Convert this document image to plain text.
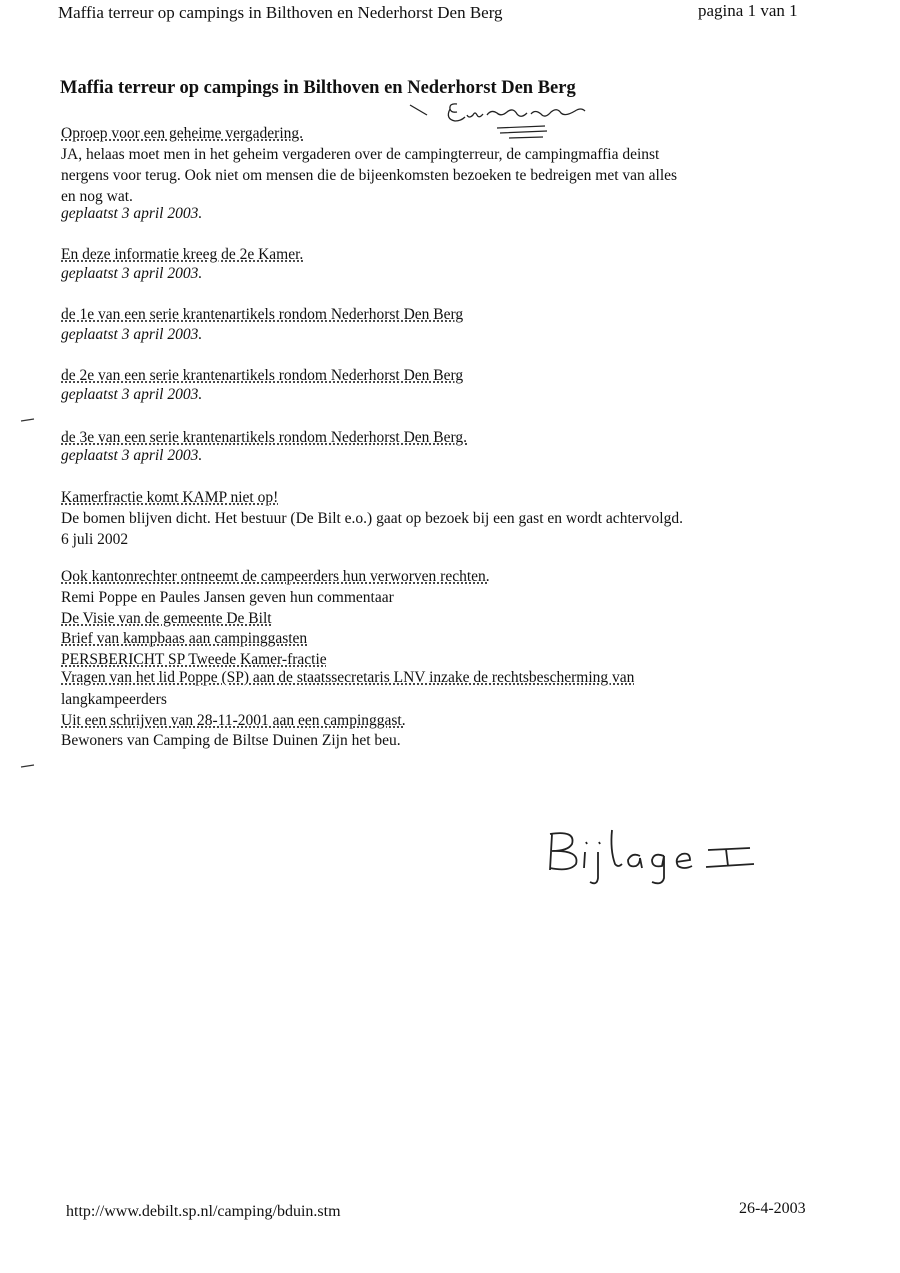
Maffia terreur op campings in Bilthoven en Nederhorst Den Berg	pagina 1 van 1
Maffia terreur op campings in Bilthoven en Nederhorst Den Berg
Oproep voor een geheime vergadering.
JA, helaas moet men in het geheim vergaderen over de campingterreur, de campingmaffia deinst
nergens voor terug. Ook niet om mensen die de bijeenkomsten bezoeken te bedreigen met van alles
en nog wat.
geplaatst 3 april 2003.
En deze informatie kreeg de 2e Kamer.
geplaatst 3 april 2003.
de 1e van een serie krantenartikels rondom Nederhorst Den Berg
geplaatst 3 april 2003.
de 2e van een serie krantenartikels rondom Nederhorst Den Berg
geplaatst 3 april 2003.
de 3e van een serie krantenartikels rondom Nederhorst Den Berg.
geplaatst 3 april 2003.
Kamerfractie komt KAMP niet op!
De bomen blijven dicht. Het bestuur (De Bilt e.o.) gaat op bezoek bij een gast en wordt achtervolgd.
6 juli 2002
Ook kantonrechter ontneemt de campeerders hun verworven rechten.
Remi Poppe en Paules Jansen geven hun commentaar
De Visie van de gemeente De Bilt
Brief van kampbaas aan campinggasten
PERSBERICHT SP Tweede Kamer-fractie
Vragen van het lid Poppe (SP) aan de staatssecretaris LNV inzake de rechtsbescherming van
langkampeerders
Uit een schrijven van 28-11-2001 aan een campinggast.
Bewoners van Camping de Biltse Duinen Zijn het beu.
http://www.debilt.sp.nl/camping/bduin.stm	26-4-2003
